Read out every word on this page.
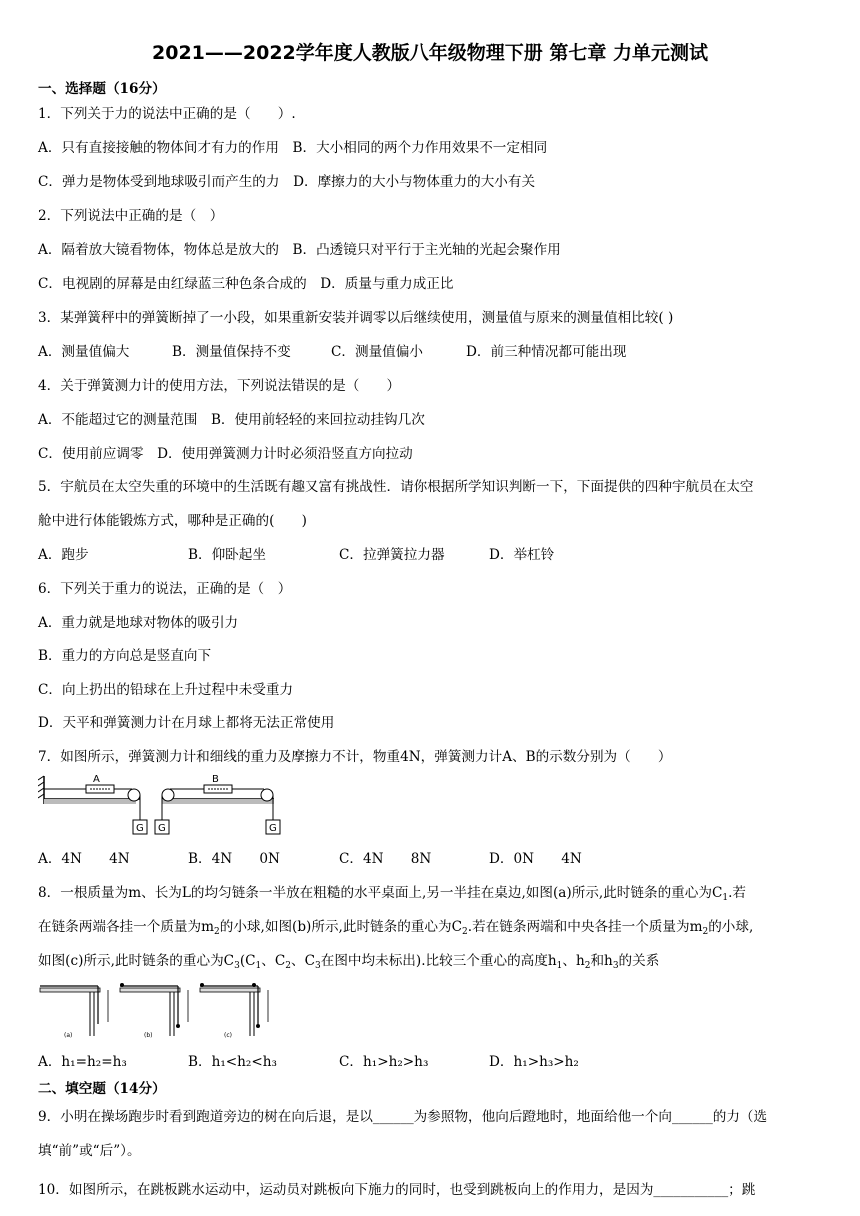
2021——2022学年度人教版八年级物理下册 第七章 力单元测试
一、选择题（16分）
1．下列关于力的说法中正确的是（　　）.
A．只有直接接触的物体间才有力的作用　B．大小相同的两个力作用效果不一定相同
C．弹力是物体受到地球吸引而产生的力　D．摩擦力的大小与物体重力的大小有关
2．下列说法中正确的是（　）
A．隔着放大镜看物体，物体总是放大的　B．凸透镜只对平行于主光轴的光起会聚作用
C．电视剧的屏幕是由红绿蓝三种色条合成的　D．质量与重力成正比
3．某弹簧秤中的弹簧断掉了一小段，如果重新安装并调零以后继续使用，测量值与原来的测量值相比较( )
A．测量值偏大	B．测量值保持不变	C．测量值偏小	D．前三种情况都可能出现
4．关于弹簧测力计的使用方法，下列说法错误的是（　　）
A．不能超过它的测量范围　B．使用前轻轻的来回拉动挂钩几次
C．使用前应调零　D．使用弹簧测力计时必须沿竖直方向拉动
5．宇航员在太空失重的环境中的生活既有趣又富有挑战性．请你根据所学知识判断一下，下面提供的四种宇航员在太空
舱中进行体能锻炼方式，哪种是正确的(　　)
A．跑步	B．仰卧起坐	C．拉弹簧拉力器	D．举杠铃
6．下列关于重力的说法，正确的是（　）
A．重力就是地球对物体的吸引力
B．重力的方向总是竖直向下
C．向上扔出的铅球在上升过程中未受重力
D．天平和弹簧测力计在月球上都将无法正常使用
7．如图所示，弹簧测力计和细线的重力及摩擦力不计，物重4N，弹簧测力计A、B的示数分别为（　　）
A
G G
B
G
A．4N　　4N	B．4N　　0N	C．4N　　8N	D．0N　　4N
8．一根质量为m、长为L的均匀链条一半放在粗糙的水平桌面上,另一半挂在桌边,如图(a)所示,此时链条的重心为$C_1$.若
在链条两端各挂一个质量为$m_2$的小球,如图(b)所示,此时链条的重心为$C_2$.若在链条两端和中央各挂一个质量为$m_2$的小球,
如图(c)所示,此时链条的重心为$C_3(C_1$、$C_2$、$C_3$在图中均未标出).比较三个重心的高度$h_1$、$h_2$和$h_3$的关系
(a)	(b)	(c)
A．h₁=h₂=h₃	B．h₁<h₂<h₃	C．h₁>h₂>h₃	D．h₁>h₃>h₂
二、填空题（14分）
9．小明在操场跑步时看到跑道旁边的树在向后退，是以______为参照物，他向后蹬地时，地面给他一个向______的力（选
填“前”或“后”）。
10．如图所示，在跳板跳水运动中，运动员对跳板向下施力的同时，也受到跳板向上的作用力，是因为___________；跳
